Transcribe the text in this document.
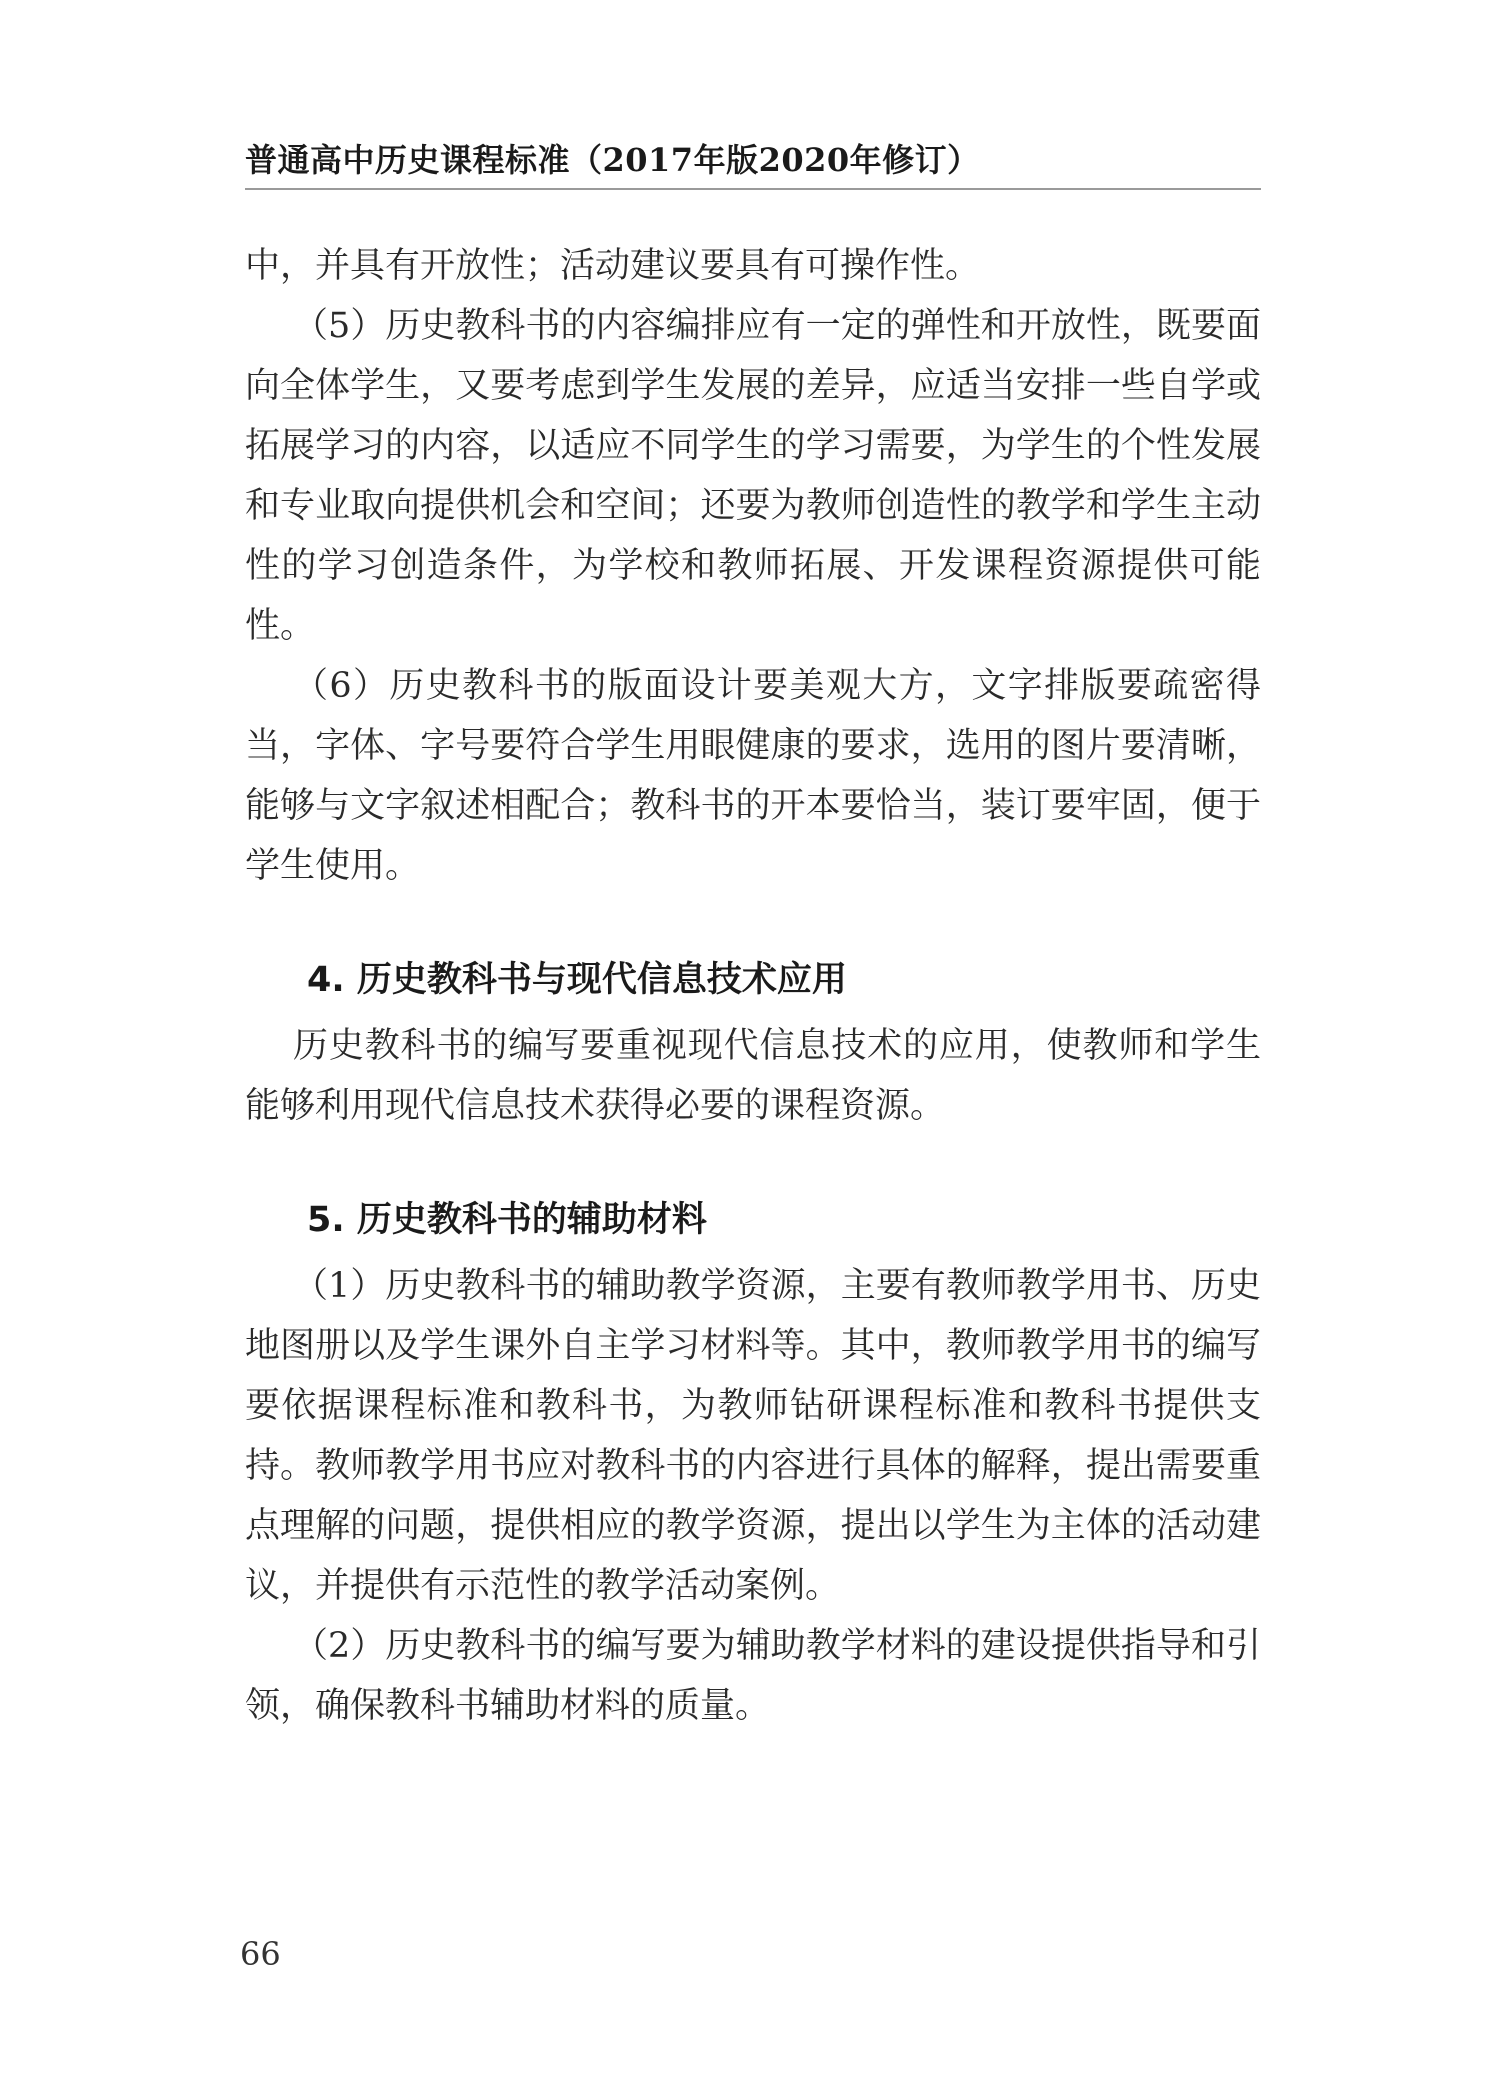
普通高中历史课程标准（2017年版2020年修订）

中，并具有开放性；活动建议要具有可操作性。

（5）历史教科书的内容编排应有一定的弹性和开放性，既要面向全体学生，又要考虑到学生发展的差异，应适当安排一些自学或拓展学习的内容，以适应不同学生的学习需要，为学生的个性发展和专业取向提供机会和空间；还要为教师创造性的教学和学生主动性的学习创造条件，为学校和教师拓展、开发课程资源提供可能性。

（6）历史教科书的版面设计要美观大方，文字排版要疏密得当，字体、字号要符合学生用眼健康的要求，选用的图片要清晰，能够与文字叙述相配合；教科书的开本要恰当，装订要牢固，便于学生使用。

4. 历史教科书与现代信息技术应用

历史教科书的编写要重视现代信息技术的应用，使教师和学生能够利用现代信息技术获得必要的课程资源。

5. 历史教科书的辅助材料

（1）历史教科书的辅助教学资源，主要有教师教学用书、历史地图册以及学生课外自主学习材料等。其中，教师教学用书的编写要依据课程标准和教科书，为教师钻研课程标准和教科书提供支持。教师教学用书应对教科书的内容进行具体的解释，提出需要重点理解的问题，提供相应的教学资源，提出以学生为主体的活动建议，并提供有示范性的教学活动案例。

（2）历史教科书的编写要为辅助教学材料的建设提供指导和引领，确保教科书辅助材料的质量。

66
